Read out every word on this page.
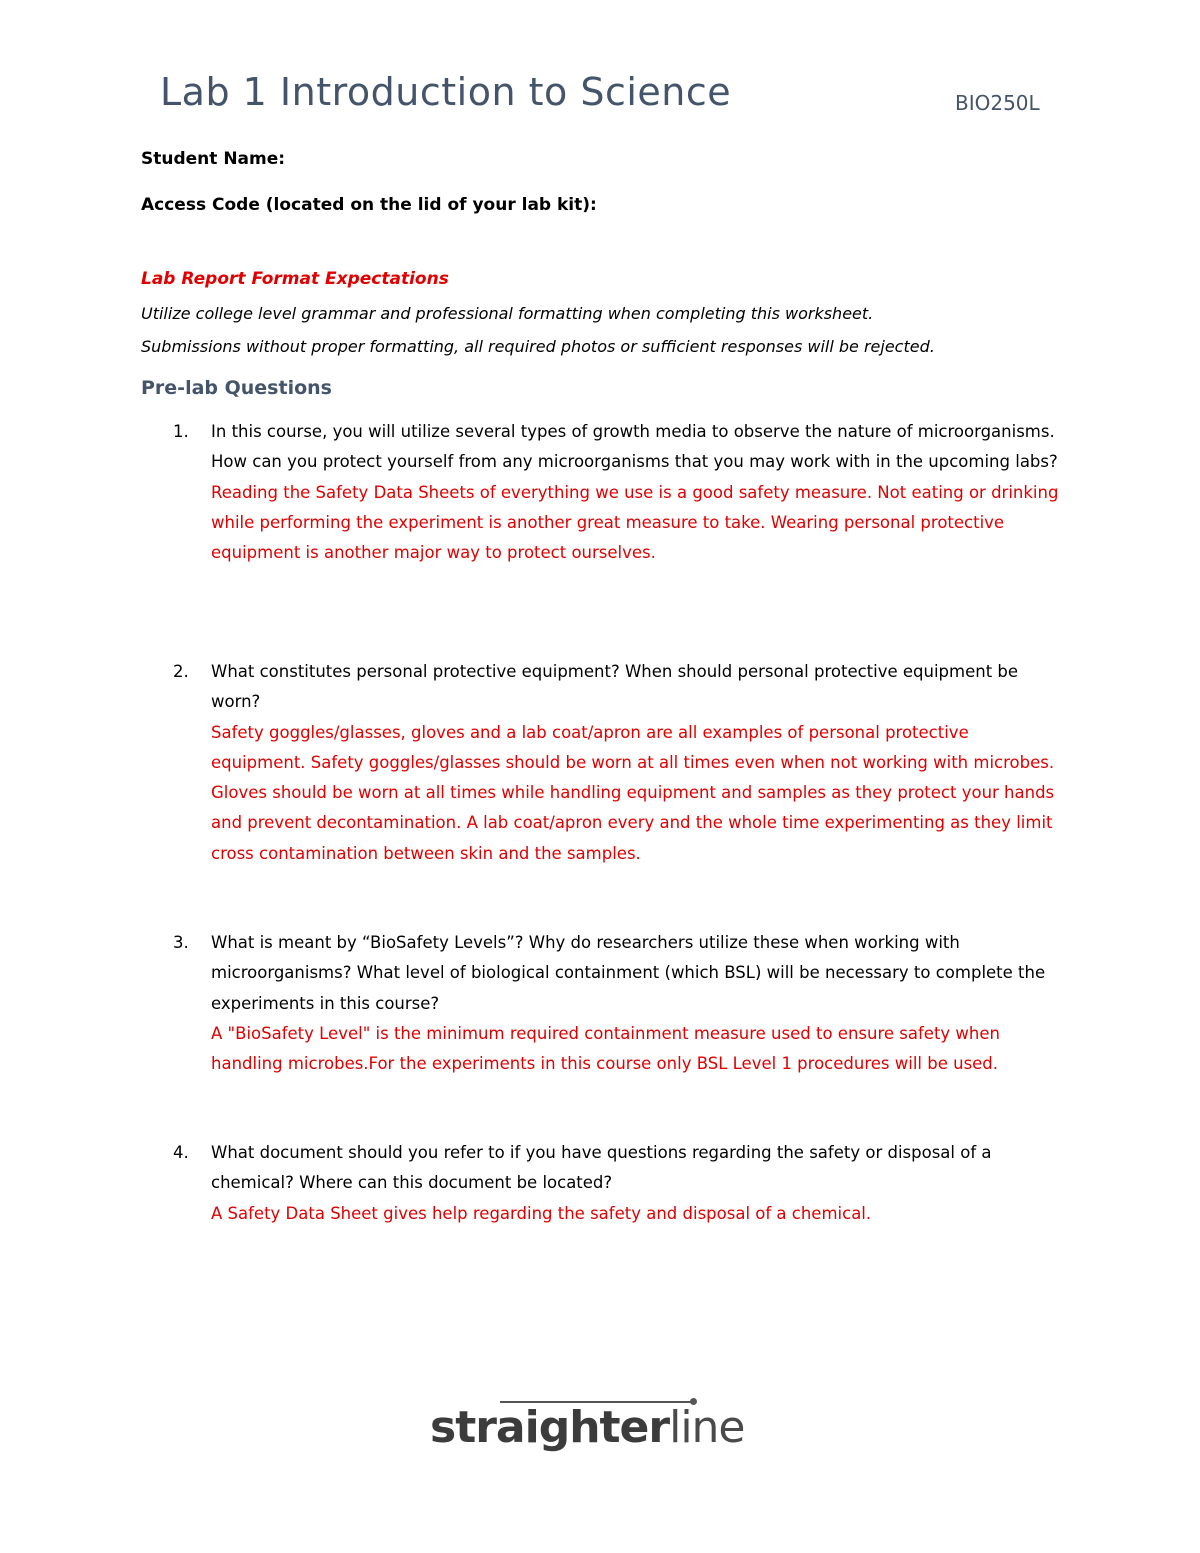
Lab 1 Introduction to Science	BIO250L
Student Name:
Access Code (located on the lid of your lab kit):
Lab Report Format Expectations
Utilize college level grammar and professional formatting when completing this worksheet.
Submissions without proper formatting, all required photos or sufficient responses will be rejected.
Pre-lab Questions
1.	In this course, you will utilize several types of growth media to observe the nature of microorganisms. How can you protect yourself from any microorganisms that you may work with in the upcoming labs?
Reading the Safety Data Sheets of everything we use is a good safety measure. Not eating or drinking while performing the experiment is another great measure to take. Wearing personal protective equipment is another major way to protect ourselves.
2.	What constitutes personal protective equipment? When should personal protective equipment be worn?
Safety goggles/glasses, gloves and a lab coat/apron are all examples of personal protective equipment. Safety goggles/glasses should be worn at all times even when not working with microbes. Gloves should be worn at all times while handling equipment and samples as they protect your hands and prevent decontamination. A lab coat/apron every and the whole time experimenting as they limit cross contamination between skin and the samples.
3.	What is meant by “BioSafety Levels”? Why do researchers utilize these when working with microorganisms? What level of biological containment (which BSL) will be necessary to complete the experiments in this course?
A "BioSafety Level" is the minimum required containment measure used to ensure safety when handling microbes.For the experiments in this course only BSL Level 1 procedures will be used.
4.	What document should you refer to if you have questions regarding the safety or disposal of a chemical? Where can this document be located?
A Safety Data Sheet gives help regarding the safety and disposal of a chemical.
straighterline
